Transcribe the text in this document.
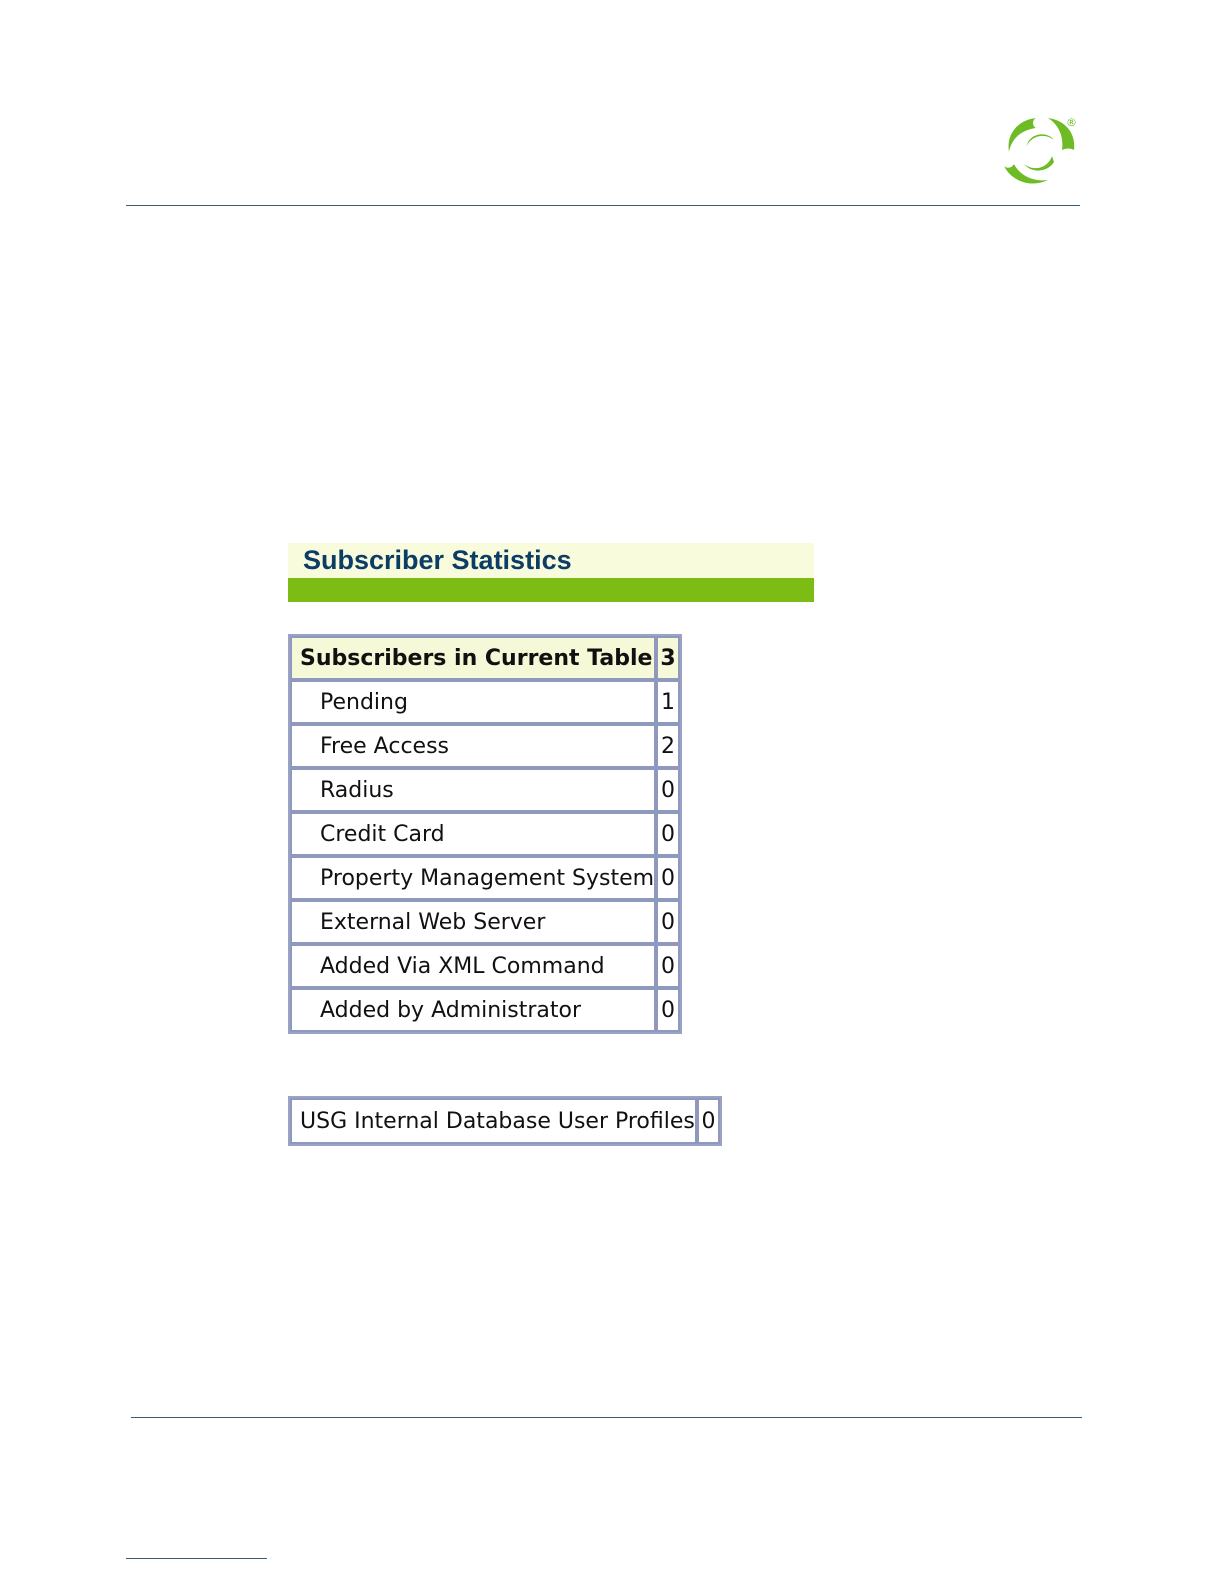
®
Subscriber Statistics
Subscribers in Current Table	3
Pending	1
Free Access	2
Radius	0
Credit Card	0
Property Management System	0
External Web Server	0
Added Via XML Command	0
Added by Administrator	0
USG Internal Database User Profiles	0
